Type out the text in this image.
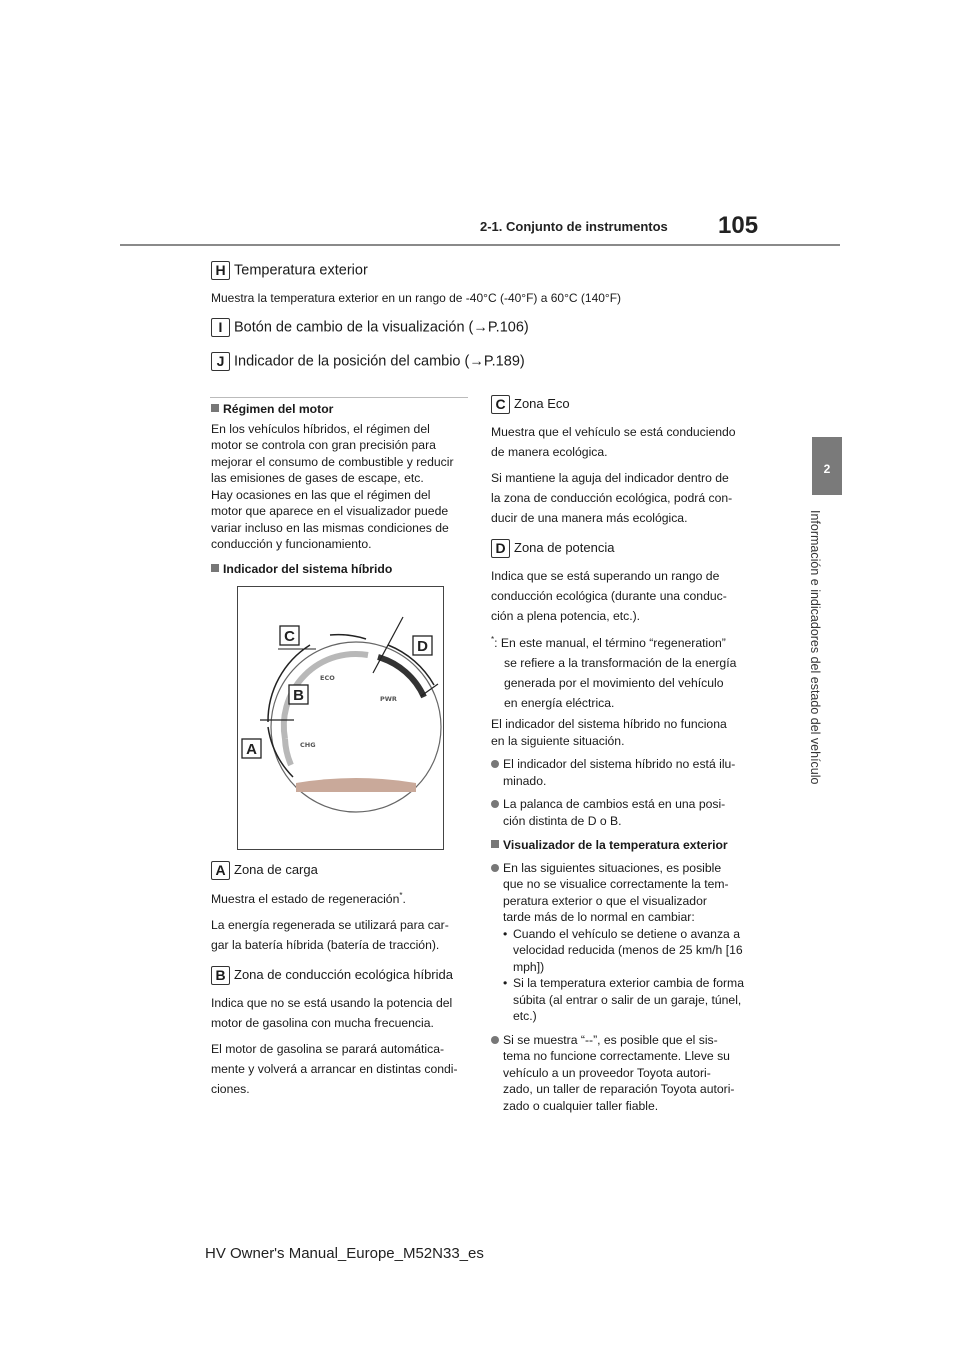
2-1. Conjunto de instrumentos 105
2
Información e indicadores del estado del vehículo
H Temperatura exterior
Muestra la temperatura exterior en un rango de -40°C (-40°F) a 60°C (140°F)
I Botón de cambio de la visualización (→P.106)
J Indicador de la posición del cambio (→P.189)
Régimen del motor
En los vehículos híbridos, el régimen del
motor se controla con gran precisión para
mejorar el consumo de combustible y reducir
las emisiones de gases de escape, etc.
Hay ocasiones en las que el régimen del
motor que aparece en el visualizador puede
variar incluso en las mismas condiciones de
conducción y funcionamiento.
Indicador del sistema híbrido
ECO
PWR
CHG
C
D
B
A
A Zona de carga
Muestra el estado de regeneración*.
La energía regenerada se utilizará para car-
gar la batería híbrida (batería de tracción).
B Zona de conducción ecológica híbrida
Indica que no se está usando la potencia del
motor de gasolina con mucha frecuencia.
El motor de gasolina se parará automática-
mente y volverá a arrancar en distintas condi-
ciones.
C Zona Eco
Muestra que el vehículo se está conduciendo
de manera ecológica.
Si mantiene la aguja del indicador dentro de
la zona de conducción ecológica, podrá con-
ducir de una manera más ecológica.
D Zona de potencia
Indica que se está superando un rango de
conducción ecológica (durante una conduc-
ción a plena potencia, etc.).
*: En este manual, el término “regeneration”
se refiere a la transformación de la energía
generada por el movimiento del vehículo
en energía eléctrica.
El indicador del sistema híbrido no funciona
en la siguiente situación.
El indicador del sistema híbrido no está ilu-
minado.
La palanca de cambios está en una posi-
ción distinta de D o B.
Visualizador de la temperatura exterior
En las siguientes situaciones, es posible
que no se visualice correctamente la tem-
peratura exterior o que el visualizador
tarde más de lo normal en cambiar:
• Cuando el vehículo se detiene o avanza a
velocidad reducida (menos de 25 km/h [16
mph])
• Si la temperatura exterior cambia de forma
súbita (al entrar o salir de un garaje, túnel,
etc.)
Si se muestra “--”, es posible que el sis-
tema no funcione correctamente. Lleve su
vehículo a un proveedor Toyota autori-
zado, un taller de reparación Toyota autori-
zado o cualquier taller fiable.
HV Owner's Manual_Europe_M52N33_es
